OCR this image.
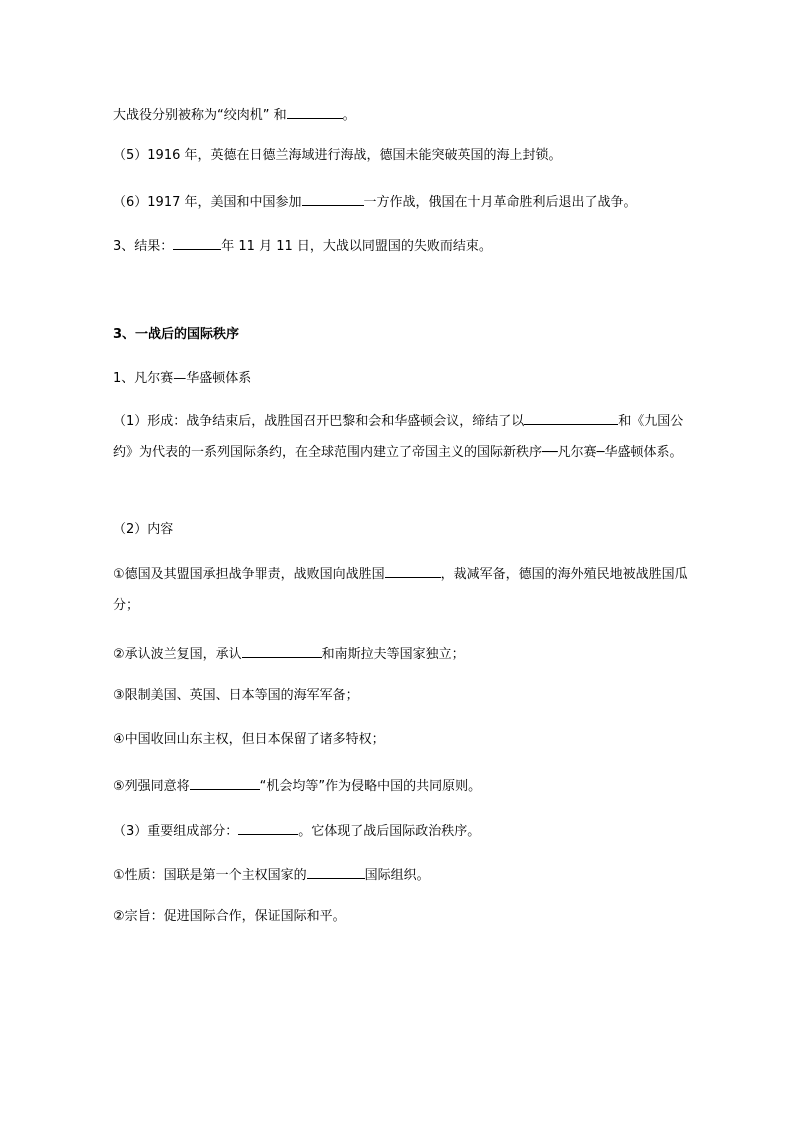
大战役分别被称为“绞肉机” 和	。
（5）1916 年，英德在日德兰海域进行海战，德国未能突破英国的海上封锁。
（6）1917 年，美国和中国参加	一方作战，俄国在十月革命胜利后退出了战争。
3、结果：	年 11 月 11 日，大战以同盟国的失败而结束。
3、一战后的国际秩序
1、凡尔赛—华盛顿体系
（1）形成：战争结束后，战胜国召开巴黎和会和华盛顿会议，缔结了以	和《九国公约》为代表的一系列国际条约，在全球范围内建立了帝国主义的国际新秩序──凡尔赛─华盛顿体系。
（2）内容
①德国及其盟国承担战争罪责，战败国向战胜国	，裁减军备，德国的海外殖民地被战胜国瓜分；
②承认波兰复国，承认	和南斯拉夫等国家独立；
③限制美国、英国、日本等国的海军军备；
④中国收回山东主权，但日本保留了诸多特权；
⑤列强同意将	“机会均等”作为侵略中国的共同原则。
（3）重要组成部分：	。它体现了战后国际政治秩序。
①性质：国联是第一个主权国家的	国际组织。
②宗旨：促进国际合作，保证国际和平。
